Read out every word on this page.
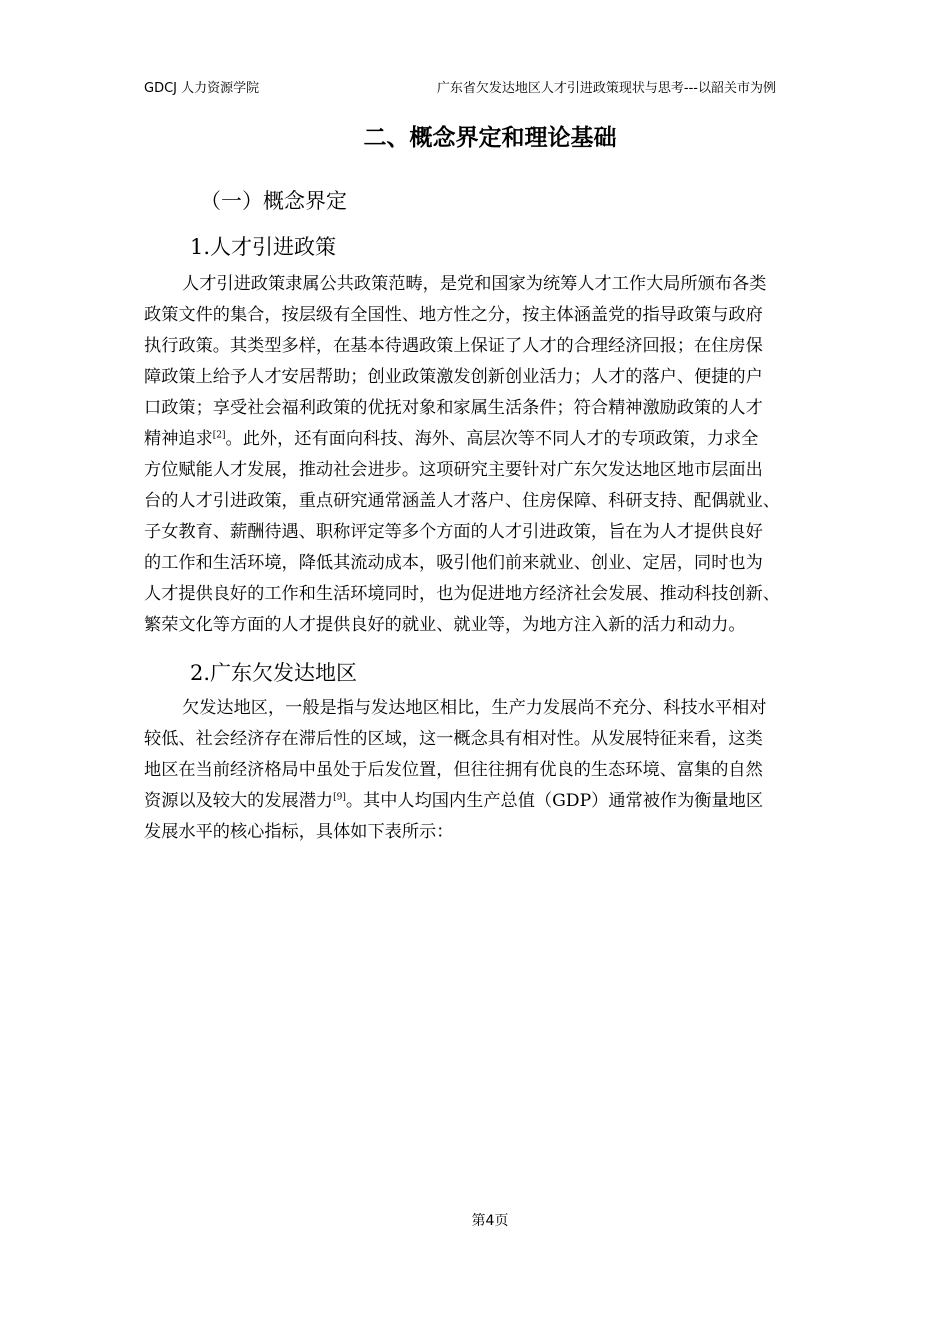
GDCJ 人力资源学院	广东省欠发达地区人才引进政策现状与思考---以韶关市为例
二、概念界定和理论基础
（一）概念界定
1.人才引进政策
人才引进政策隶属公共政策范畴，是党和国家为统筹人才工作大局所颁布各类
政策文件的集合，按层级有全国性、地方性之分，按主体涵盖党的指导政策与政府
执行政策。其类型多样，在基本待遇政策上保证了人才的合理经济回报；在住房保
障政策上给予人才安居帮助；创业政策激发创新创业活力；人才的落户、便捷的户
口政策；享受社会福利政策的优抚对象和家属生活条件；符合精神激励政策的人才
精神追求[2]。此外，还有面向科技、海外、高层次等不同人才的专项政策，力求全
方位赋能人才发展，推动社会进步。这项研究主要针对广东欠发达地区地市层面出
台的人才引进政策，重点研究通常涵盖人才落户、住房保障、科研支持、配偶就业、
子女教育、薪酬待遇、职称评定等多个方面的人才引进政策，旨在为人才提供良好
的工作和生活环境，降低其流动成本，吸引他们前来就业、创业、定居，同时也为
人才提供良好的工作和生活环境同时，也为促进地方经济社会发展、推动科技创新、
繁荣文化等方面的人才提供良好的就业、就业等，为地方注入新的活力和动力。
2.广东欠发达地区
欠发达地区，一般是指与发达地区相比，生产力发展尚不充分、科技水平相对
较低、社会经济存在滞后性的区域，这一概念具有相对性。从发展特征来看，这类
地区在当前经济格局中虽处于后发位置，但往往拥有优良的生态环境、富集的自然
资源以及较大的发展潜力[9]。其中人均国内生产总值（GDP）通常被作为衡量地区
发展水平的核心指标，具体如下表所示：
第4页
